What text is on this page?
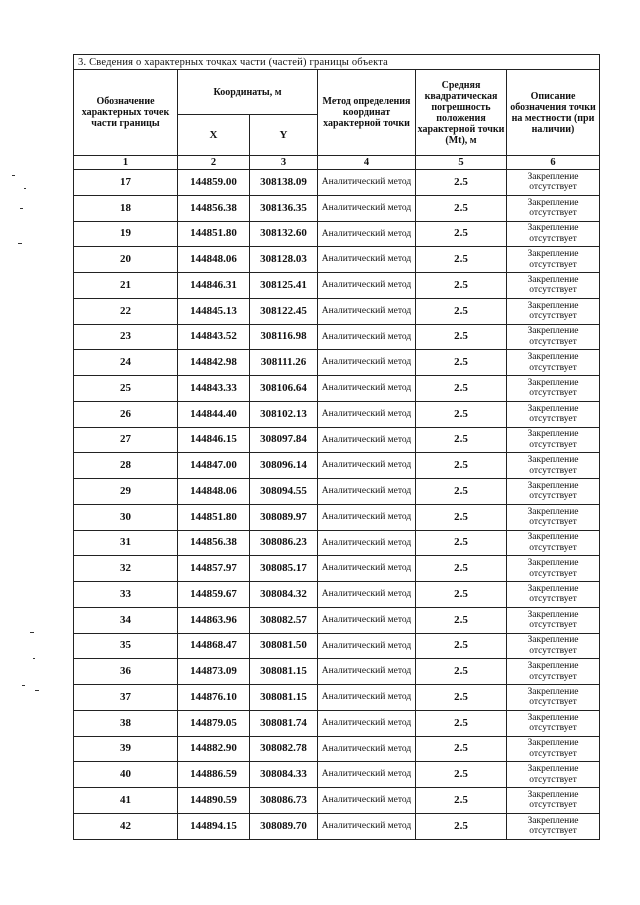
3. Сведения о характерных точках части (частей) границы объекта					
Обозначение характерных точек части границы	Координаты, м		Метод определения координат характерной точки	Средняя квадратическая погрешность положения характерной точки (Mt), м	Описание обозначения точки на местности (при наличии)
	X	Y			
1	2	3	4	5	6
17	144859.00	308138.09	Аналитический метод	2.5	Закрепление отсутствует
18	144856.38	308136.35	Аналитический метод	2.5	Закрепление отсутствует
19	144851.80	308132.60	Аналитический метод	2.5	Закрепление отсутствует
20	144848.06	308128.03	Аналитический метод	2.5	Закрепление отсутствует
21	144846.31	308125.41	Аналитический метод	2.5	Закрепление отсутствует
22	144845.13	308122.45	Аналитический метод	2.5	Закрепление отсутствует
23	144843.52	308116.98	Аналитический метод	2.5	Закрепление отсутствует
24	144842.98	308111.26	Аналитический метод	2.5	Закрепление отсутствует
25	144843.33	308106.64	Аналитический метод	2.5	Закрепление отсутствует
26	144844.40	308102.13	Аналитический метод	2.5	Закрепление отсутствует
27	144846.15	308097.84	Аналитический метод	2.5	Закрепление отсутствует
28	144847.00	308096.14	Аналитический метод	2.5	Закрепление отсутствует
29	144848.06	308094.55	Аналитический метод	2.5	Закрепление отсутствует
30	144851.80	308089.97	Аналитический метод	2.5	Закрепление отсутствует
31	144856.38	308086.23	Аналитический метод	2.5	Закрепление отсутствует
32	144857.97	308085.17	Аналитический метод	2.5	Закрепление отсутствует
33	144859.67	308084.32	Аналитический метод	2.5	Закрепление отсутствует
34	144863.96	308082.57	Аналитический метод	2.5	Закрепление отсутствует
35	144868.47	308081.50	Аналитический метод	2.5	Закрепление отсутствует
36	144873.09	308081.15	Аналитический метод	2.5	Закрепление отсутствует
37	144876.10	308081.15	Аналитический метод	2.5	Закрепление отсутствует
38	144879.05	308081.74	Аналитический метод	2.5	Закрепление отсутствует
39	144882.90	308082.78	Аналитический метод	2.5	Закрепление отсутствует
40	144886.59	308084.33	Аналитический метод	2.5	Закрепление отсутствует
41	144890.59	308086.73	Аналитический метод	2.5	Закрепление отсутствует
42	144894.15	308089.70	Аналитический метод	2.5	Закрепление отсутствует
